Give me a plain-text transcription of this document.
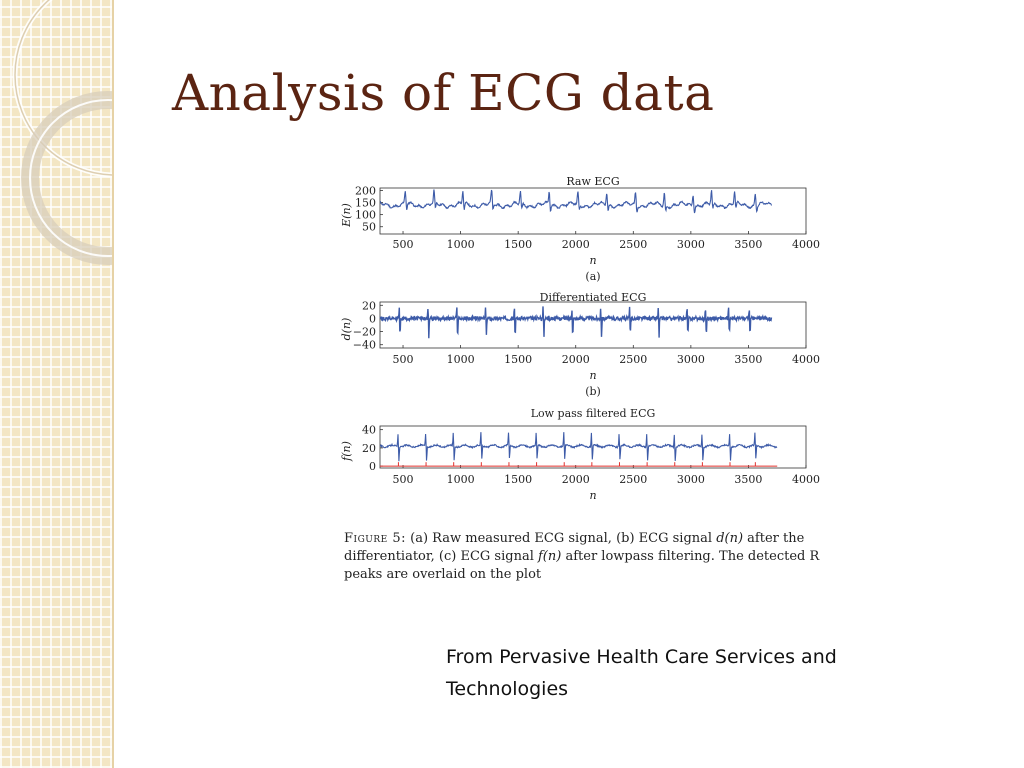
Analysis of ECG data
Raw ECG
500	1000	1500	2000	2500	3000	3500	4000
50
100
150
200
E(n)
n
(a)
Differentiated ECG
500	1000	1500	2000	2500	3000	3500	4000
20
0
−20
−40
d(n)
n
(b)
Low pass filtered ECG
500	1000	1500	2000	2500	3000	3500	4000
40
20
0
f(n)
n
Figure 5: (a) Raw measured ECG signal, (b) ECG signal d(n) after the differentiator, (c) ECG signal f(n) after lowpass filtering. The detected R peaks are overlaid on the plot
From Pervasive Health Care Services and
Technologies
